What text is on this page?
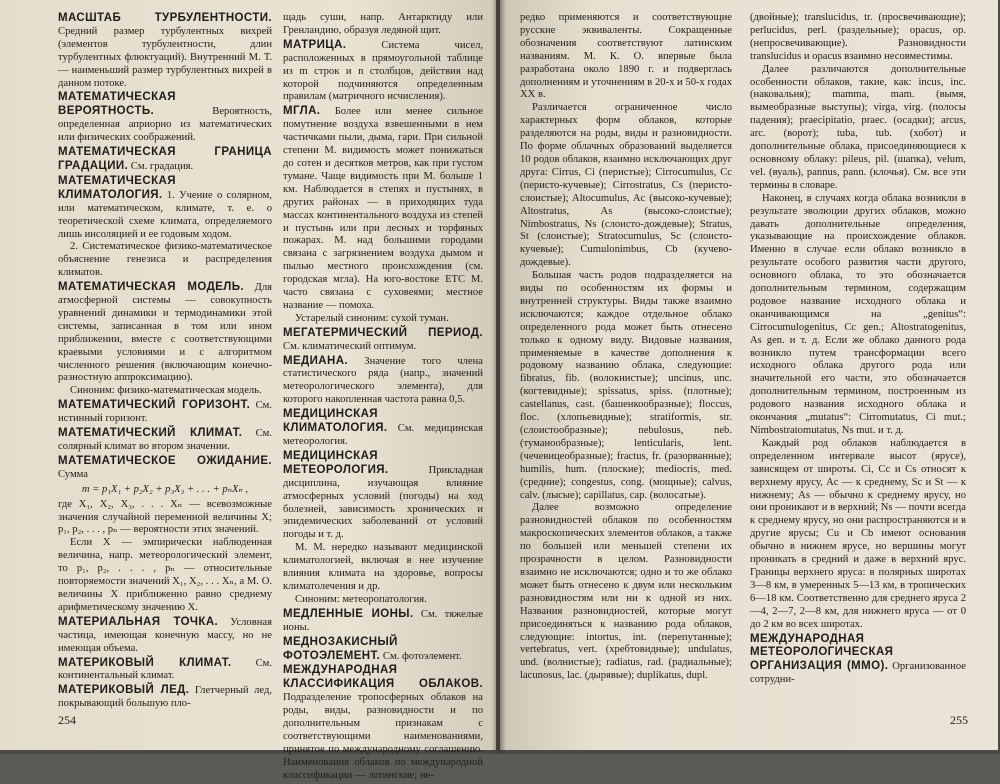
МАСШТАБ ТУРБУЛЕНТНОСТИ. Средний размер турбулентных вихрей (элементов турбулентности, длин турбулентных флюктуаций). Внутренний М. Т. — наименьший размер турбулентных вихрей в данном потоке.

МАТЕМАТИЧЕСКАЯ ВЕРОЯТНОСТЬ.	Вероятность, определенная априорно из математических или физических соображений.

МАТЕМАТИЧЕСКАЯ ГРАНИЦА ГРАДАЦИИ. См. градация.

МАТЕМАТИЧЕСКАЯ КЛИМАТОЛОГИЯ. 1. Учение о солярном, или математическом, климате, т. е. о теоретической схеме климата, определяемого лишь инсоляцией и ее годовым ходом.

2. Систематическое физико-математическое объяснение генезиса и распределения климатов.

МАТЕМАТИЧЕСКАЯ МОДЕЛЬ. Для атмосферной системы — совокупность уравнений динамики и термодинамики этой системы, записанная в том или ином приближении, вместе с соответствующими краевыми условиями и с алгоритмом численного решения (включающим конечно-разностную аппроксимацию).

Синоним: физико-математическая модель.

МАТЕМАТИЧЕСКИЙ ГОРИЗОНТ. См. истинный горизонт.

МАТЕМАТИЧЕСКИЙ КЛИМАТ. См. солярный климат во втором значении.

МАТЕМАТИЧЕСКОЕ ОЖИДАНИЕ. Сумма

m = p₁X₁ + p₂X₂ + p₃X₃ + . . . + pₙXₙ ,

где X₁, X₂, X₃, . . . Xₙ — всевозможные значения случайной переменной величины X; p₁, p₂, . . . , pₙ — вероятности этих значений.

Если X — эмпирически наблюденная величина, напр. метеорологический элемент, то p₁, p₂, . . . , pₙ — относительные повторяемости значений X₁, X₂, . . . Xₙ, а М. О. величины X приближенно равно среднему арифметическому значению X.

МАТЕРИАЛЬНАЯ ТОЧКА. Условная частица, имеющая конечную массу, но не имеющая объема.

МАТЕРИКОВЫЙ КЛИМАТ. См. континентальный климат.

МАТЕРИКОВЫЙ ЛЕД. Глетчерный лед, покрывающий большую пло-

щадь суши, напр. Антарктиду или Гренландию, образуя ледяной щит.

МАТРИЦА.	Система чисел, расположенных в прямоугольной таблице из m строк и n столбцов, действия над которой подчиняются определенным правилам (матричного исчисления).

МГЛА. Более или менее сильное помутнение воздуха взвешенными в нем частичками пыли, дыма, гари. При сильной степени М. видимость может понижаться до сотен и десятков метров, как при густом тумане. Чаще видимость при М. больше 1 км. Наблюдается в степях и пустынях, в других районах — в приходящих туда массах континентального воздуха из степей и пустынь или при лесных и торфяных пожарах. М. над большими городами связана с загрязнением воздуха дымом и пылью местного происхождения (см. городская мгла). На юго-востоке ЕТС М. часто связана с суховеями; местное название — помоха.

Устарелый синоним: сухой туман.

МЕГАТЕРМИЧЕСКИЙ ПЕРИОД. См. климатический оптимум.

МЕДИАНА. Значение того члена статистического ряда (напр., значений метеорологического элемента), для которого накопленная частота равна 0,5.

МЕДИЦИНСКАЯ КЛИМАТОЛОГИЯ. См. медицинская метеорология.

МЕДИЦИНСКАЯ МЕТЕОРОЛОГИЯ.	Прикладная дисциплина, изучающая влияние атмосферных условий (погоды) на ход болезней, зависимость хронических и эпидемических заболеваний от условий погоды и т. д.

М. М. нередко называют медицинской климатологией, включая в нее изучение влияния климата на здоровье, вопросы климатолечения и др.

Синоним: метеоропатология.

МЕДЛЕННЫЕ ИОНЫ. См. тяжелые ионы.

МЕДНОЗАКИСНЫЙ ФОТОЭЛЕМЕНТ. См. фотоэлемент.

МЕЖДУНАРОДНАЯ КЛАССИФИКАЦИЯ ОБЛАКОВ. Подразделение тропосферных облаков на роды, виды, разновидности и по дополнительным признакам с соответствующими наименованиями, принятое по международному соглашению. Наименования облаков по международной классификации — латинские; не-

254

редко применяются и соответствующие русские эквиваленты. Сокращенные обозначения соответствуют латинским названиям. М. К. О. впервые была разработана около 1890 г. и подверглась дополнениям и уточнениям в 20-х и 50-х годах XX в.

Различается ограниченное число характерных форм облаков, которые разделяются на роды, виды и разновидности. По форме облачных образований выделяется 10 родов облаков, взаимно исключающих друг друга: Cirrus, Ci (перистые); Cirrocumulus, Cc (перисто-кучевые); Cirrostratus, Cs (перисто-слоистые); Altocumulus, Ac (высоко-кучевые); Altostratus, As (высоко-слоистые); Nimbostratus, Ns (слоисто-дождевые); Stratus, St (слоистые); Stratocumulus, Sc (слоисто-кучевые); Cumulonimbus, Cb (кучево-дождевые).

Большая часть родов подразделяется на виды по особенностям их формы и внутренней структуры. Виды также взаимно исключаются; каждое отдельное облако определенного рода может быть отнесено только к одному виду. Видовые названия, применяемые в качестве дополнения к родовому названию облака, следующие: fibratus, fib. (волокнистые); uncinus, unc. (когтевидные); spissatus, spiss. (плотные); castellanus, cast. (башенкообразные); floccus, floc. (хлопьевидные); stratiformis, str. (слоистообразные); nebulosus, neb. (туманообразные); lenticularis, lent. (чечевицеобразные); fractus, fr. (разорванные); humilis, hum. (плоские); mediocris, med. (средние); congestus, cong. (мощные); calvus, calv. (лысые); capillatus, cap. (волосатые).

Далее возможно определение разновидностей облаков по особенностям макроскопических элементов облаков, а также по большей или меньшей степени их прозрачности в целом. Разновидности взаимно не исключаются; одно и то же облако может быть отнесено к двум или нескольким разновидностям или ни к одной из них. Названия разновидностей, которые могут присоединяться к названию рода облаков, следующие: intortus, int. (перепутанные); vertebratus, vert. (хребтовидные); undulatus, und. (волнистые); radiatus, rad. (радиальные); lacunosus, lac. (дырявые); duplikatus, dupl.

(двойные); translucidus, tr. (просвечивающие); perlucidus, perl. (раздельные); opacus, op. (непросвечивающие). Разновидности translucidus и opacus взаимно несовместимы.

Далее различаются дополнительные особенности облаков, такие, как: incus, inc. (наковальня); mamma, mam. (вымя, вымеобразные выступы); virga, virg. (полосы падения); praecipitatio, praec. (осадки); arcus, arc. (ворот); tuba, tub. (хобот) и дополнительные облака, присоединяющиеся к основному облаку: pileus, pil. (шапка), velum, vel. (вуаль), pannus, pann. (клочья). См. все эти термины в словаре.

Наконец, в случаях когда облака возникли в результате эволюции других облаков, можно давать дополнительные определения, указывающие на происхождение облаков. Именно в случае если облако возникло в результате особого развития части другого, основного облака, то это обозначается дополнительным термином, содержащим родовое название исходного облака и оканчивающимся на „genitus“: Cirrocumulogenitus, Cc gen.; Altostratogenitus, As gen. и т. д. Если же облако данного рода возникло путем трансформации всего исходного облака другого рода или значительной его части, это обозначается дополнительным термином, построенным из родового названия исходного облака и окончания „mutatus“: Cirromutatus, Ci mut.; Nimbostratomutatus, Ns mut. и т. д.

Каждый род облаков наблюдается в определенном интервале высот (ярусе), зависящем от широты. Ci, Cc и Cs относят к верхнему ярусу, Ac — к среднему, Sc и St — к нижнему; As — обычно к среднему ярусу, но они проникают и в верхний; Ns — почти всегда к среднему ярусу, но они распространяются и в другие ярусы; Cu и Cb имеют основания обычно в нижнем ярусе, но вершины могут проникать в средний и даже в верхний ярус. Границы верхнего яруса: в полярных широтах 3—8 км, в умеренных 5—13 км, в тропических 6—18 км. Соответственно для среднего яруса 2—4, 2—7, 2—8 км, для нижнего яруса — от 0 до 2 км во всех широтах.

МЕЖДУНАРОДНАЯ МЕТЕОРОЛОГИЧЕСКАЯ ОРГАНИЗАЦИЯ (ММО). Организованное сотрудни-

255
